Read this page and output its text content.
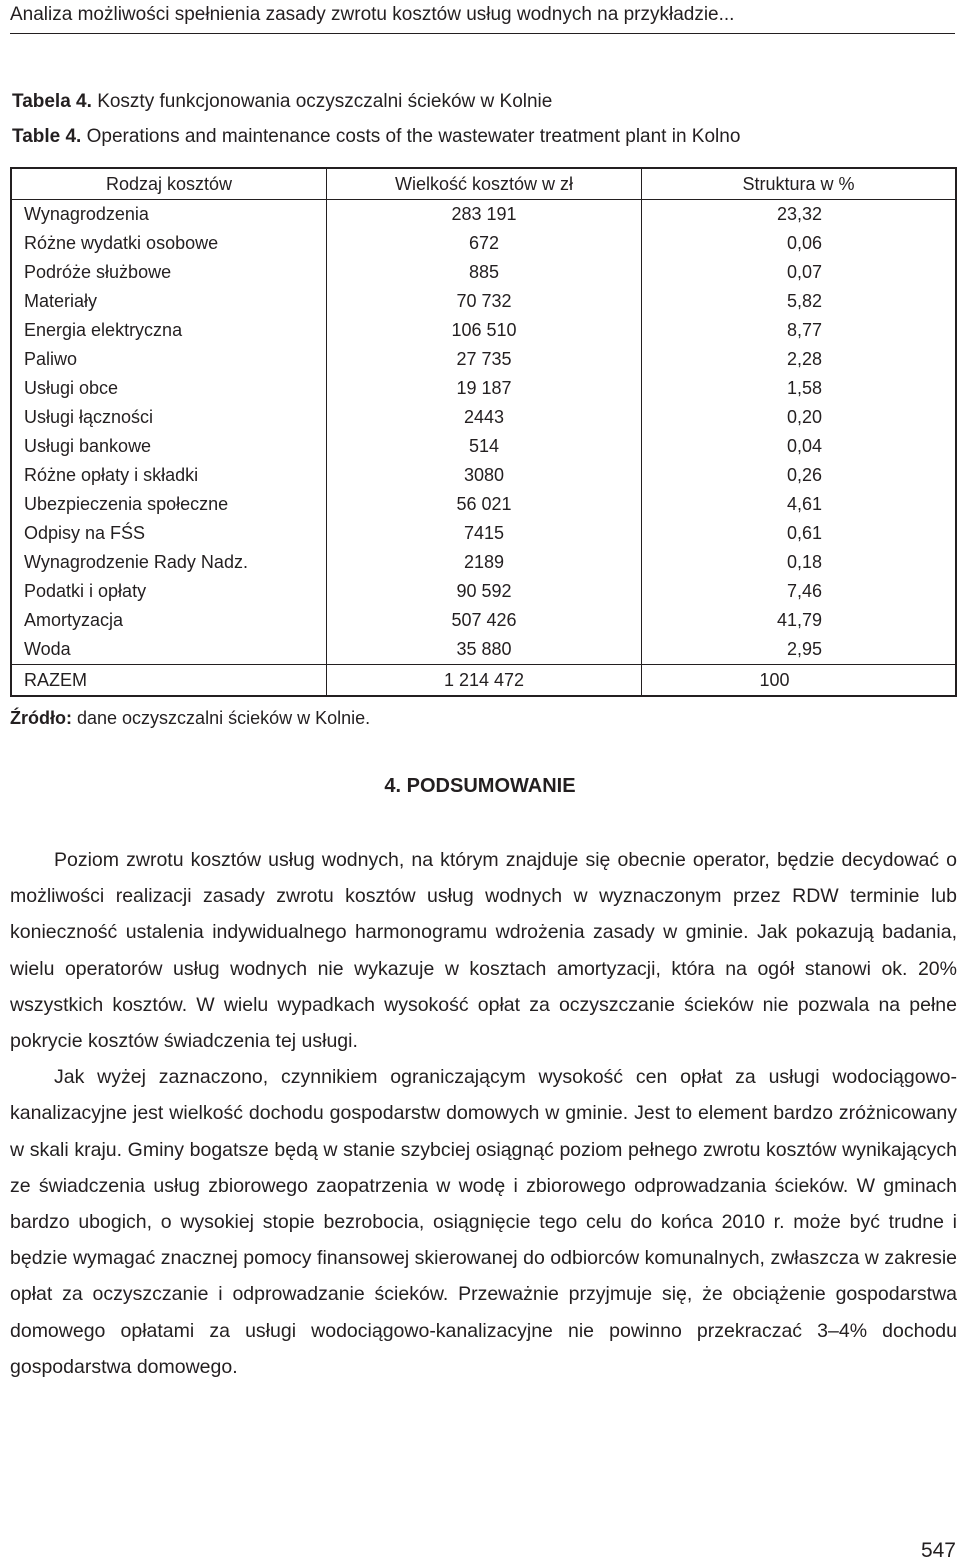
Analiza możliwości spełnienia zasady zwrotu kosztów usług wodnych na przykładzie...
Tabela 4. Koszty funkcjonowania oczyszczalni ścieków w Kolnie
Table 4. Operations and maintenance costs of the wastewater treatment plant in Kolno
Rodzaj kosztów	Wielkość kosztów w zł	Struktura w %
Wynagrodzenia	283 191	23,32
Różne wydatki osobowe	672	0,06
Podróże służbowe	885	0,07
Materiały	70 732	5,82
Energia elektryczna	106 510	8,77
Paliwo	27 735	2,28
Usługi obce	19 187	1,58
Usługi łączności	2443	0,20
Usługi bankowe	514	0,04
Różne opłaty i składki	3080	0,26
Ubezpieczenia społeczne	56 021	4,61
Odpisy na FŚS	7415	0,61
Wynagrodzenie Rady Nadz.	2189	0,18
Podatki i opłaty	90 592	7,46
Amortyzacja	507 426	41,79
Woda	35 880	2,95
RAZEM	1 214 472	100
Źródło: dane oczyszczalni ścieków w Kolnie.
4. PODSUMOWANIE

Poziom zwrotu kosztów usług wodnych, na którym znajduje się obecnie operator, będzie decydować o możliwości realizacji zasady zwrotu kosztów usług wodnych w wyznaczonym przez RDW terminie lub konieczność ustalenia indywidualnego harmonogramu wdrożenia zasady w gminie. Jak pokazują badania, wielu operatorów usług wodnych nie wykazuje w kosztach amortyzacji, która na ogół stanowi ok. 20% wszystkich kosztów. W wielu wypadkach wysokość opłat za oczyszczanie ścieków nie pozwala na pełne pokrycie kosztów świadczenia tej usługi.

Jak wyżej zaznaczono, czynnikiem ograniczającym wysokość cen opłat za usługi wodociągowo-kanalizacyjne jest wielkość dochodu gospodarstw domowych w gminie. Jest to element bardzo zróżnicowany w skali kraju. Gminy bogatsze będą w stanie szybciej osiągnąć poziom pełnego zwrotu kosztów wynikających ze świadczenia usług zbiorowego zaopatrzenia w wodę i zbiorowego odprowadzania ścieków. W gminach bardzo ubogich, o wysokiej stopie bezrobocia, osiągnięcie tego celu do końca 2010 r. może być trudne i będzie wymagać znacznej pomocy finansowej skierowanej do odbiorców komunalnych, zwłaszcza w zakresie opłat za oczyszczanie i odprowadzanie ścieków. Przeważnie przyjmuje się, że obciążenie gospodarstwa domowego opłatami za usługi wodociągowo-kanalizacyjne nie powinno przekraczać 3–4% dochodu gospodarstwa domowego.

547
